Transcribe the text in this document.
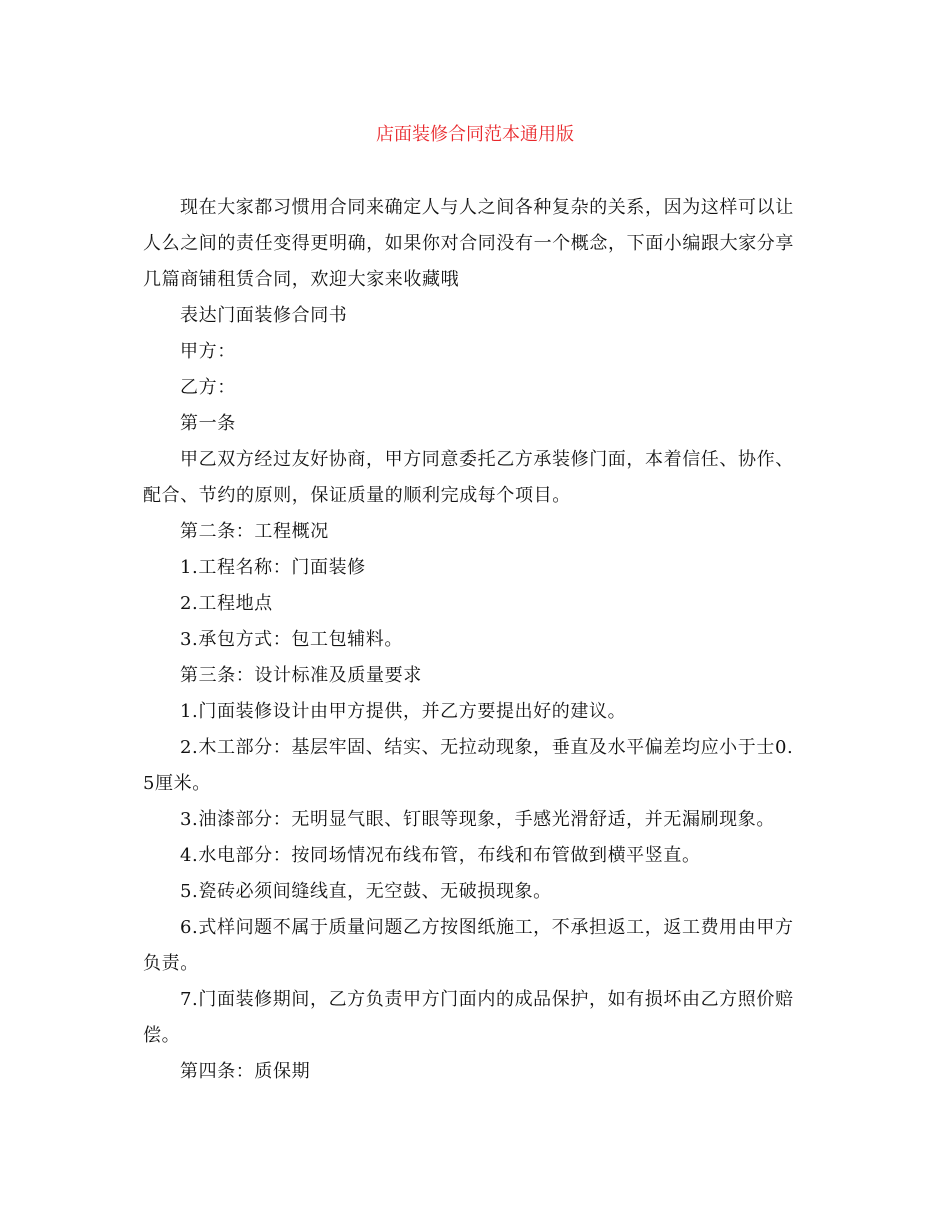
店面装修合同范本通用版

现在大家都习惯用合同来确定人与人之间各种复杂的关系，因为这样可以让人么之间的责任变得更明确，如果你对合同没有一个概念，下面小编跟大家分享几篇商铺租赁合同，欢迎大家来收藏哦

表达门面装修合同书

甲方：

乙方：

第一条

甲乙双方经过友好协商，甲方同意委托乙方承装修门面，本着信任、协作、配合、节约的原则，保证质量的顺利完成每个项目。

第二条：工程概况

1.工程名称：门面装修

2.工程地点

3.承包方式：包工包辅料。

第三条：设计标准及质量要求

1.门面装修设计由甲方提供，并乙方要提出好的建议。

2.木工部分：基层牢固、结实、无拉动现象，垂直及水平偏差均应小于士0.5厘米。

3.油漆部分：无明显气眼、钉眼等现象，手感光滑舒适，并无漏刷现象。

4.水电部分：按同场情况布线布管，布线和布管做到横平竖直。

5.瓷砖必须间缝线直，无空鼓、无破损现象。

6.式样问题不属于质量问题乙方按图纸施工，不承担返工，返工费用由甲方负责。

7.门面装修期间，乙方负责甲方门面内的成品保护，如有损坏由乙方照价赔偿。

第四条：质保期
